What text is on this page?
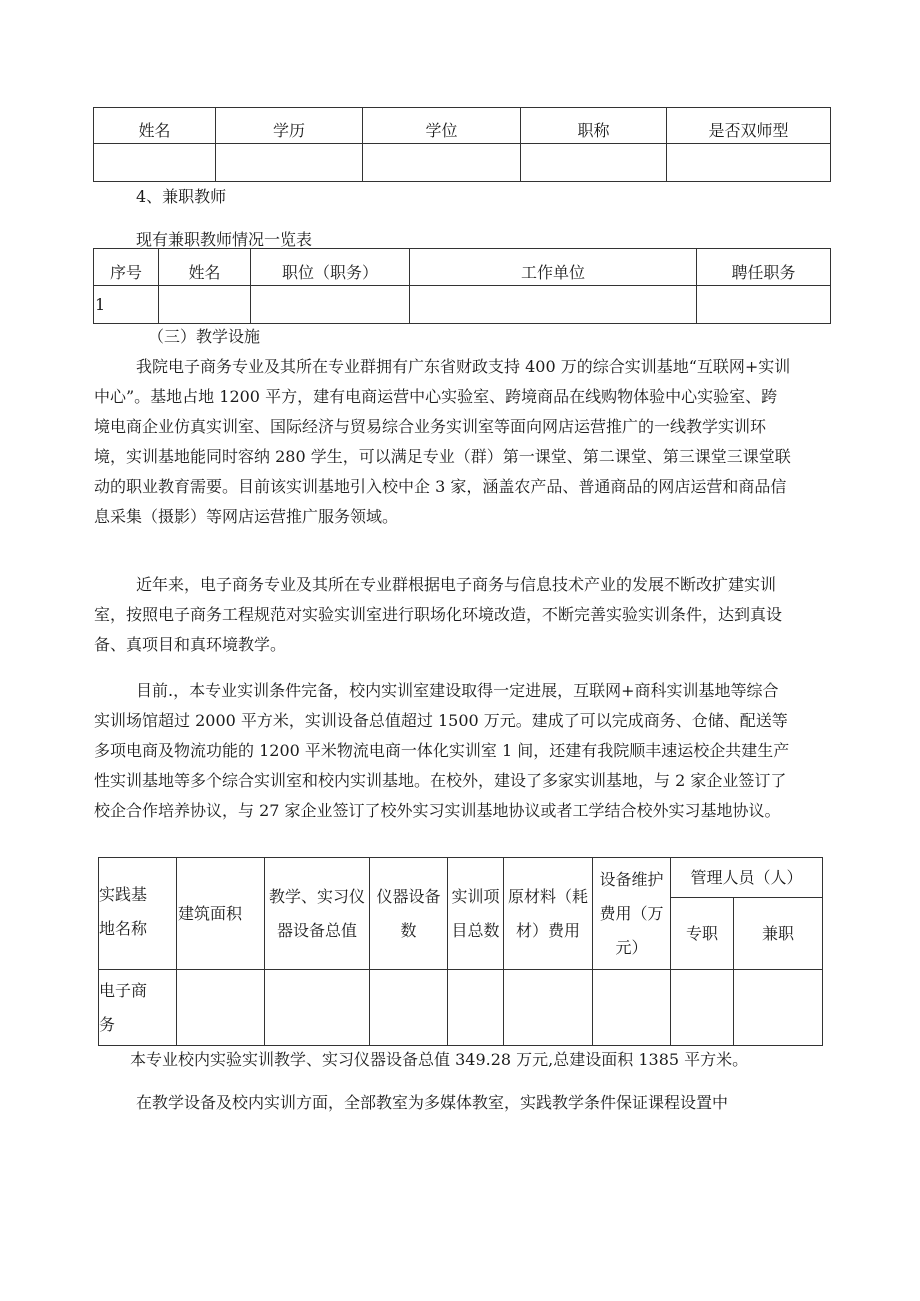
姓名	学历	学位	职称	是否双师型

4、兼职教师
现有兼职教师情况一览表
序号	姓名	职位（职务）	工作单位	聘任职务
1				
（三）教学设施
我院电子商务专业及其所在专业群拥有广东省财政支持 400 万的综合实训基地“互联网+实训
中心”。基地占地 1200 平方，建有电商运营中心实验室、跨境商品在线购物体验中心实验室、跨
境电商企业仿真实训室、国际经济与贸易综合业务实训室等面向网店运营推广的一线教学实训环
境，实训基地能同时容纳 280 学生，可以满足专业（群）第一课堂、第二课堂、第三课堂三课堂联
动的职业教育需要。目前该实训基地引入校中企 3 家，涵盖农产品、普通商品的网店运营和商品信
息采集（摄影）等网店运营推广服务领域。
近年来，电子商务专业及其所在专业群根据电子商务与信息技术产业的发展不断改扩建实训
室，按照电子商务工程规范对实验实训室进行职场化环境改造，不断完善实验实训条件，达到真设
备、真项目和真环境教学。
目前.，本专业实训条件完备，校内实训室建设取得一定进展，互联网+商科实训基地等综合
实训场馆超过 2000 平方米，实训设备总值超过 1500 万元。建成了可以完成商务、仓储、配送等
多项电商及物流功能的 1200 平米物流电商一体化实训室 1 间，还建有我院顺丰速运校企共建生产
性实训基地等多个综合实训室和校内实训基地。在校外，建设了多家实训基地，与 2 家企业签订了
校企合作培养协议，与 27 家企业签订了校外实习实训基地协议或者工学结合校外实习基地协议。
实践基
地名称	建筑面积	教学、实习仪
器设备总值	仪器设备
数	实训项
目总数	原材料（耗
材）费用	设备维护
费用（万
元）	管理人员（人）	
							专职	兼职

电子商
务								

本专业校内实验实训教学、实习仪器设备总值 349.28 万元,总建设面积 1385 平方米。
在教学设备及校内实训方面，全部教室为多媒体教室，实践教学条件保证课程设置中
